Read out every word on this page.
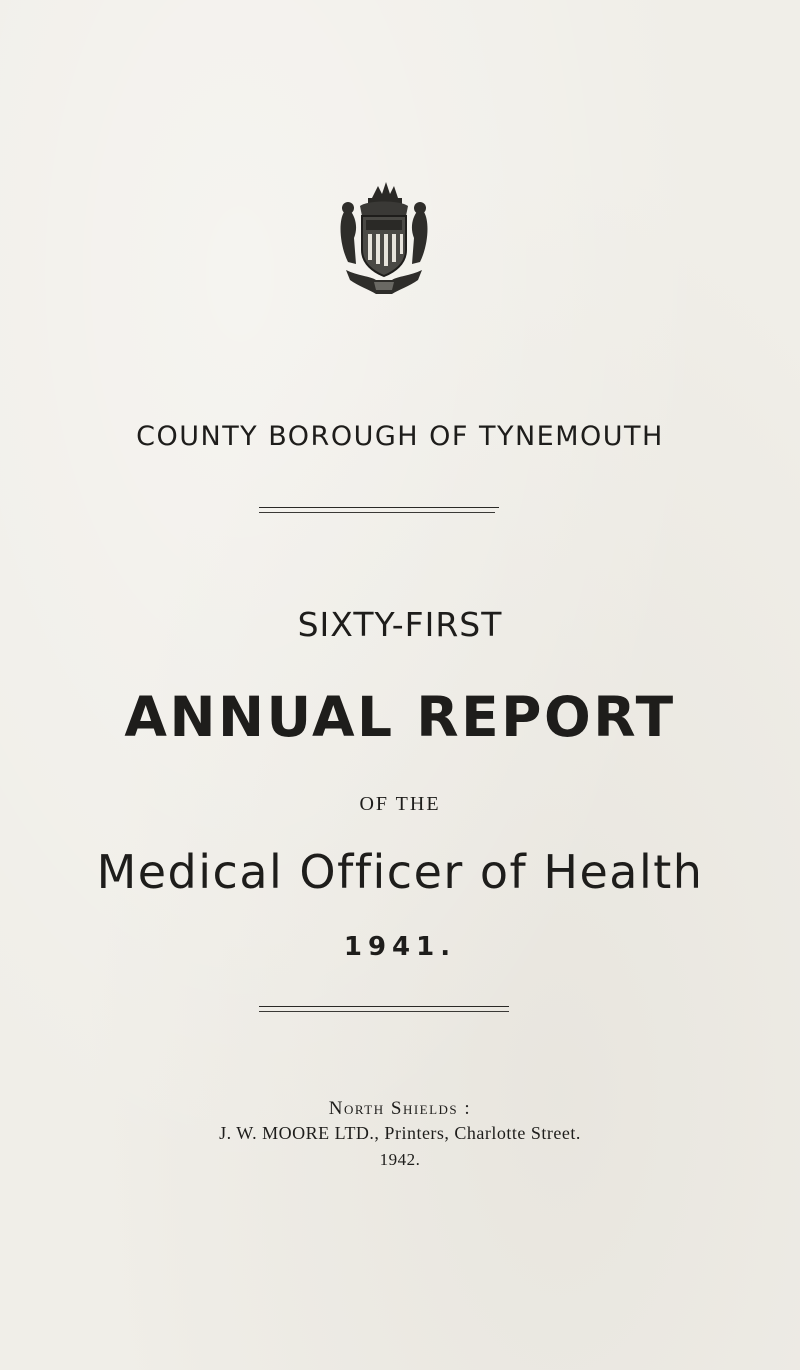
COUNTY BOROUGH OF TYNEMOUTH
SIXTY-FIRST
ANNUAL REPORT
OF THE
Medical Officer of Health
1941.
North Shields :
J. W. MOORE LTD., Printers, Charlotte Street.
1942.
